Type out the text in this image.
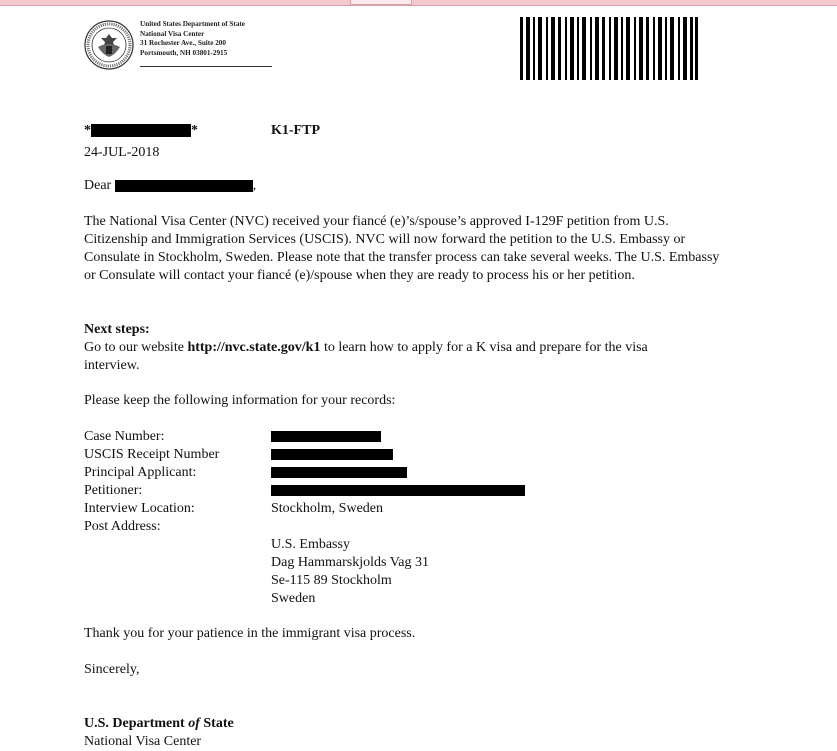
United States Department of State
National Visa Center
31 Rochester Ave., Suite 200
Portsmouth, NH 03801-2915
*	*	K1-FTP
24-JUL-2018
Dear	,
The National Visa Center (NVC) received your fiancé (e)’s/spouse’s approved I-129F petition from U.S. Citizenship and Immigration Services (USCIS). NVC will now forward the petition to the U.S. Embassy or Consulate in Stockholm, Sweden. Please note that the transfer process can take several weeks. The U.S. Embassy or Consulate will contact your fiancé (e)/spouse when they are ready to process his or her petition.
Next steps:
Go to our website http://nvc.state.gov/k1 to learn how to apply for a K visa and prepare for the visa interview.
Please keep the following information for your records:
Case Number:
USCIS Receipt Number
Principal Applicant:
Petitioner:
Interview Location:	Stockholm, Sweden
Post Address:
U.S. Embassy
Dag Hammarskjolds Vag 31
Se-115 89 Stockholm
Sweden
Thank you for your patience in the immigrant visa process.
Sincerely,
U.S. Department of State
National Visa Center
